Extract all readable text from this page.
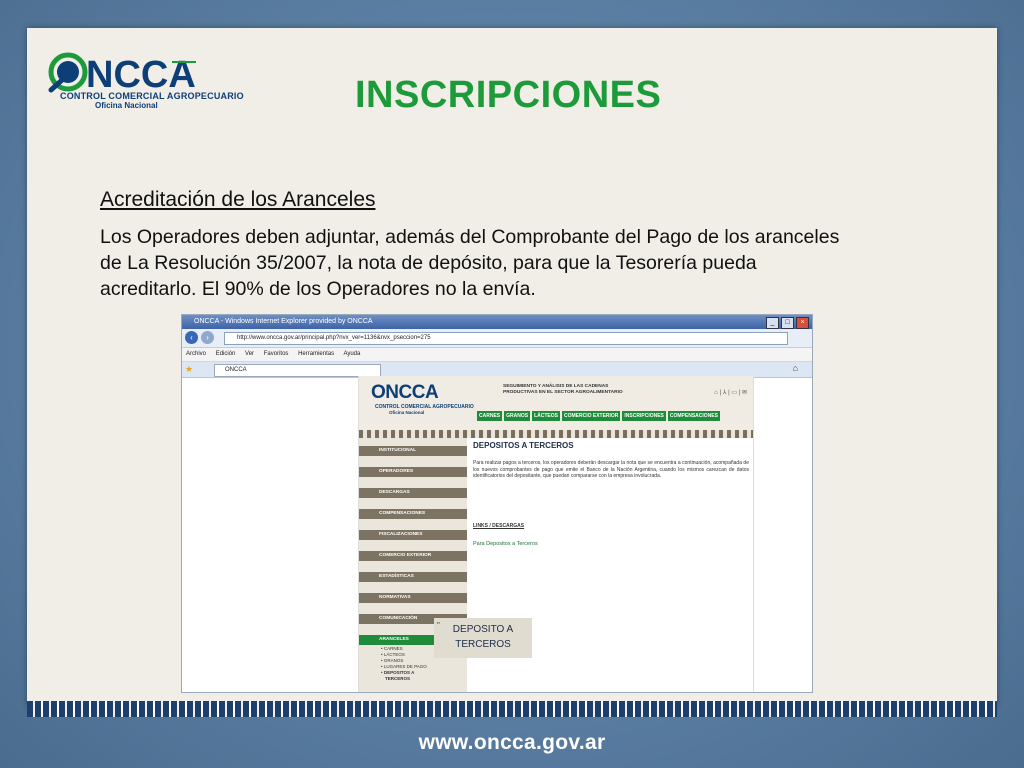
NCCA
CONTROL COMERCIAL AGROPECUARIO
Oficina Nacional	INSCRIPCIONES
Acreditación de los Aranceles
Los Operadores deben adjuntar, además del Comprobante del Pago de los aranceles
de La Resolución 35/2007, la nota de depósito, para que la Tesorería pueda
acreditarlo. El 90% de los Operadores no la envía.
ONCCA - Windows Internet Explorer provided by ONCCA	_	□	×
‹	›	http://www.oncca.gov.ar/principal.php?nvx_ver=1136&nvx_pseccion=275
Archivo Edición Ver Favoritos Herramientas Ayuda
★	ONCCA	⌂
ONCCA
CONTROL COMERCIAL AGROPECUARIO
Oficina Nacional
SEGUIMIENTO Y ANÁLISIS DE LAS CADENAS
PRODUCTIVAS EN EL SECTOR AGROALIMENTARIO	⌂ | ⅄ | ▭ | ✉
CARNES	GRANOS	LÁCTEOS	COMERCIO EXTERIOR	INSCRIPCIONES	COMPENSACIONES
INSTITUCIONAL
OPERADORES
DESCARGAS
COMPENSACIONES
FISCALIZACIONES
COMERCIO EXTERIOR
ESTADÍSTICAS
NORMATIVAS
COMUNICACIÓN
ARANCELES
• CARNES
• LÁCTEOS
• GRANOS
• LUGARES DE PAGO
• DEPOSITOS A
TERCEROS
DEPOSITOS A TERCEROS
Para realizar pagos a terceros, los operadores deberán descargar la nota que se encuentra a continuación, acompañada de los nuevos comprobantes de pago que emite el Banco de la Nación Argentina, cuando los mismos carezcan de datos identificatorios del depositante, que puedan compararse con la empresa involucrada.
LINKS / DESCARGAS
Para Depositos a Terceros
DEPOSITO A
TERCEROS
"
www.oncca.gov.ar
